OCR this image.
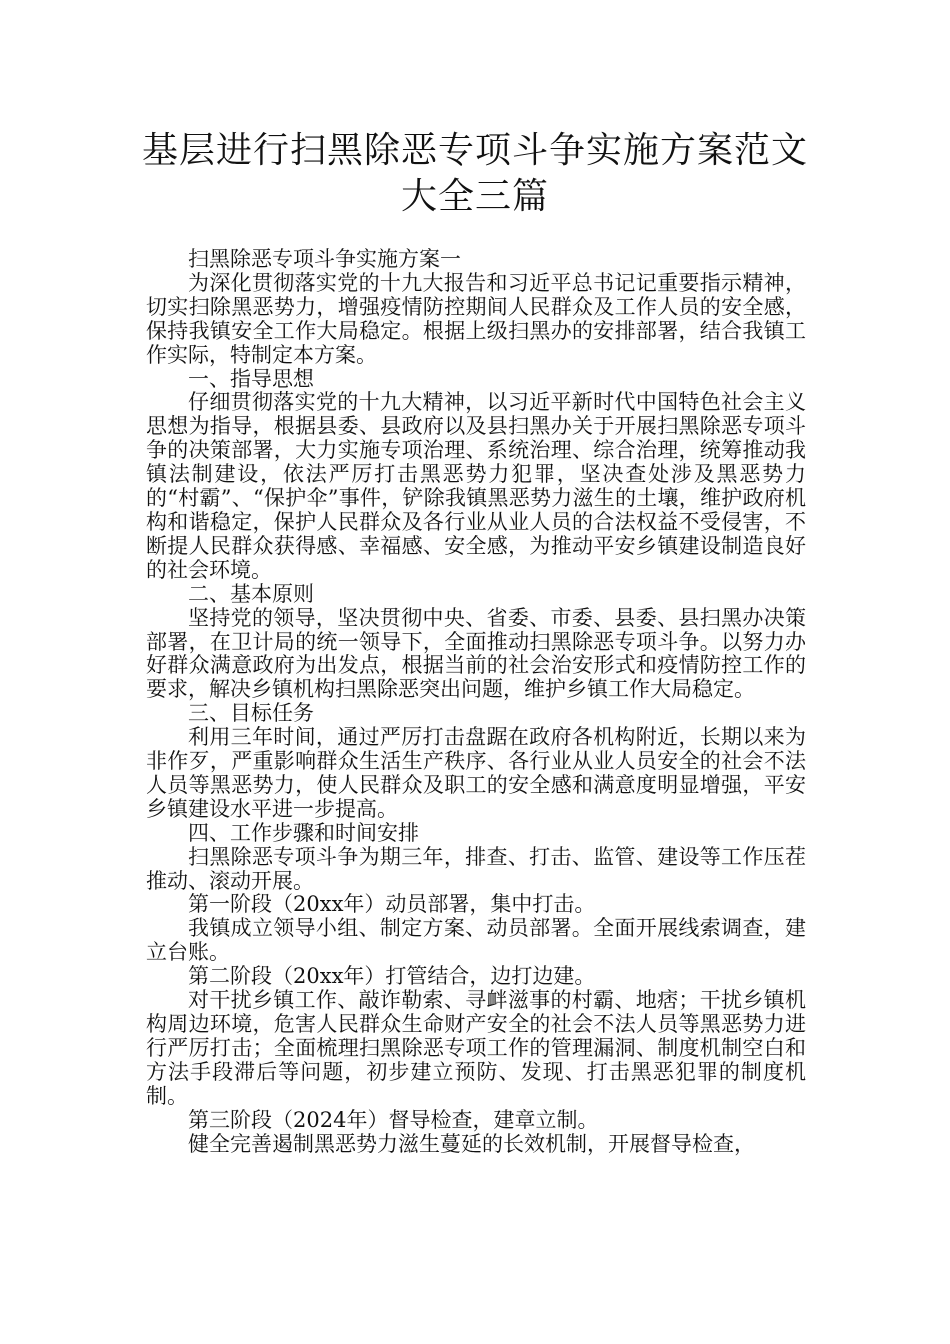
基层进行扫黑除恶专项斗争实施方案范文
大全三篇

扫黑除恶专项斗争实施方案一

为深化贯彻落实党的十九大报告和习近平总书记记重要指示精神，切实扫除黑恶势力，增强疫情防控期间人民群众及工作人员的安全感，保持我镇安全工作大局稳定。根据上级扫黑办的安排部署，结合我镇工作实际，特制定本方案。

一、指导思想

仔细贯彻落实党的十九大精神，以习近平新时代中国特色社会主义思想为指导，根据县委、县政府以及县扫黑办关于开展扫黑除恶专项斗争的决策部署，大力实施专项治理、系统治理、综合治理，统筹推动我镇法制建设，依法严厉打击黑恶势力犯罪，坚决查处涉及黑恶势力的“村霸”、“保护伞”事件，铲除我镇黑恶势力滋生的土壤，维护政府机构和谐稳定，保护人民群众及各行业从业人员的合法权益不受侵害，不断提人民群众获得感、幸福感、安全感，为推动平安乡镇建设制造良好的社会环境。

二、基本原则

坚持党的领导，坚决贯彻中央、省委、市委、县委、县扫黑办决策部署，在卫计局的统一领导下，全面推动扫黑除恶专项斗争。以努力办好群众满意政府为出发点，根据当前的社会治安形式和疫情防控工作的要求，解决乡镇机构扫黑除恶突出问题，维护乡镇工作大局稳定。

三、目标任务

利用三年时间，通过严厉打击盘踞在政府各机构附近，长期以来为非作歹，严重影响群众生活生产秩序、各行业从业人员安全的社会不法人员等黑恶势力，使人民群众及职工的安全感和满意度明显增强，平安乡镇建设水平进一步提高。

四、工作步骤和时间安排

扫黑除恶专项斗争为期三年，排查、打击、监管、建设等工作压茬推动、滚动开展。

第一阶段（20xx年）动员部署，集中打击。

我镇成立领导小组、制定方案、动员部署。全面开展线索调查，建立台账。

第二阶段（20xx年）打管结合，边打边建。

对干扰乡镇工作、敲诈勒索、寻衅滋事的村霸、地痞；干扰乡镇机构周边环境，危害人民群众生命财产安全的社会不法人员等黑恶势力进行严厉打击；全面梳理扫黑除恶专项工作的管理漏洞、制度机制空白和方法手段滞后等问题，初步建立预防、发现、打击黑恶犯罪的制度机制。

第三阶段（2024年）督导检查，建章立制。

健全完善遏制黑恶势力滋生蔓延的长效机制，开展督导检查，
